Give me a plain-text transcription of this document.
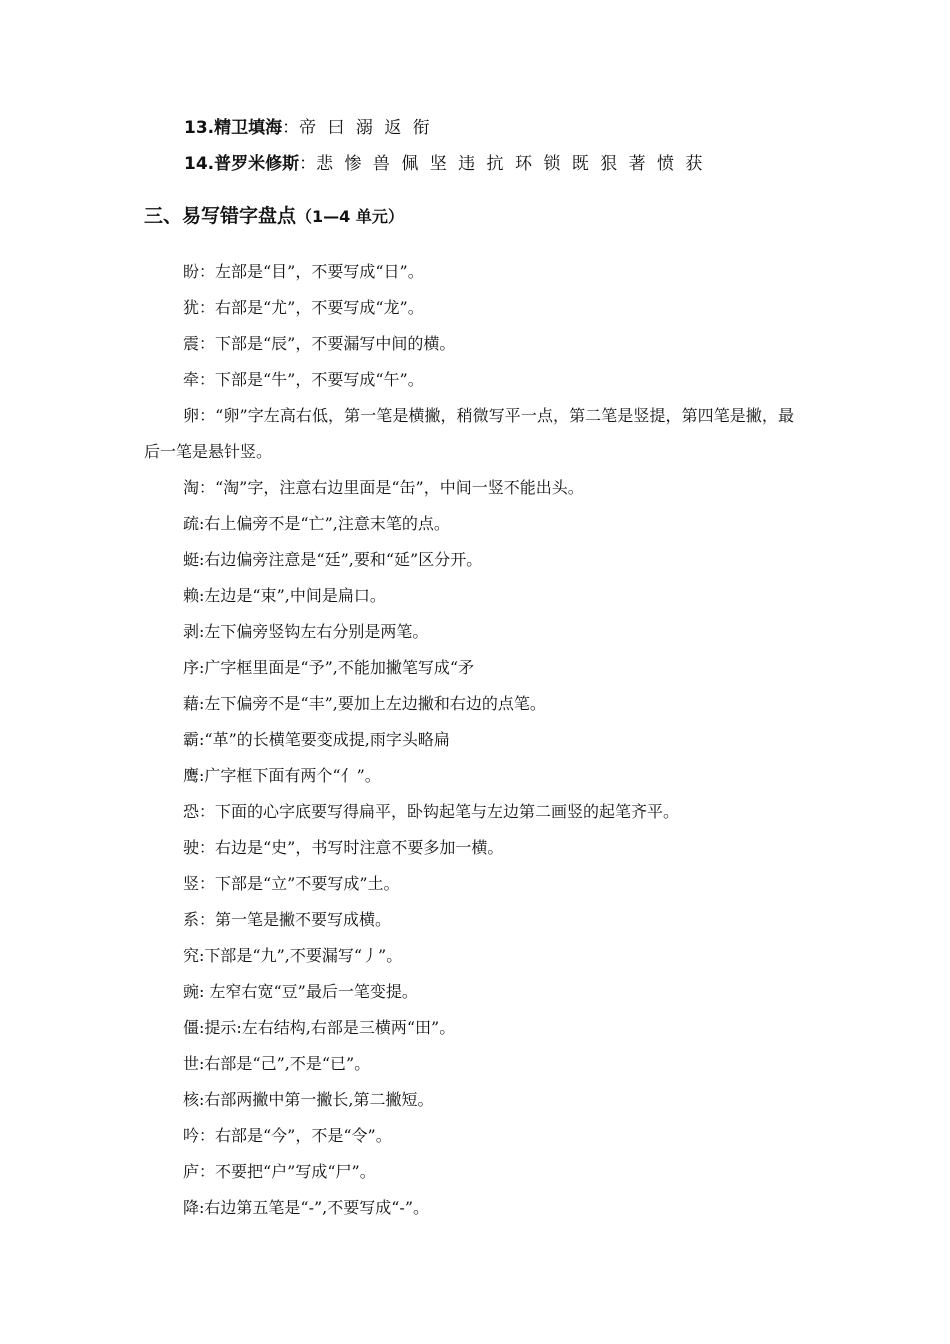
13.精卫填海：帝 曰 溺 返 衔
14.普罗米修斯：悲 惨 兽 佩 坚 违 抗 环 锁 既 狠 著 愤 获
三、易写错字盘点（1—4 单元）
盼：左部是“目”，不要写成“日”。
犹：右部是“尤”，不要写成“龙”。
震：下部是“辰”，不要漏写中间的横。
牵：下部是“牛”，不要写成“午”。
卵：“卵”字左高右低，第一笔是横撇，稍微写平一点，第二笔是竖提，第四笔是撇，最后一笔是悬针竖。
淘：“淘”字，注意右边里面是“缶”，中间一竖不能出头。
疏:右上偏旁不是“亡”,注意末笔的点。
蜓:右边偏旁注意是“廷”,要和“延”区分开。
赖:左边是“束”,中间是扁口。
剥:左下偏旁竖钩左右分别是两笔。
序:广字框里面是“予”,不能加撇笔写成“矛
藉:左下偏旁不是“丰”,要加上左边撇和右边的点笔。
霸:“革”的长横笔要变成提,雨字头略扁
鹰:广字框下面有两个“亻”。
恐：下面的心字底要写得扁平，卧钩起笔与左边第二画竖的起笔齐平。
驶：右边是“史”，书写时注意不要多加一横。
竖：下部是“立”不要写成”土。
系：第一笔是撇不要写成横。
究:下部是“九”,不要漏写“丿”。
豌: 左窄右宽“豆”最后一笔变提。
僵:提示:左右结构,右部是三横两“田”。
世:右部是“己”,不是“已”。
核:右部两撇中第一撇长,第二撇短。
吟：右部是“今”，不是“令”。
庐：不要把“户”写成“尸”。
降:右边第五笔是“-”,不要写成“-”。
